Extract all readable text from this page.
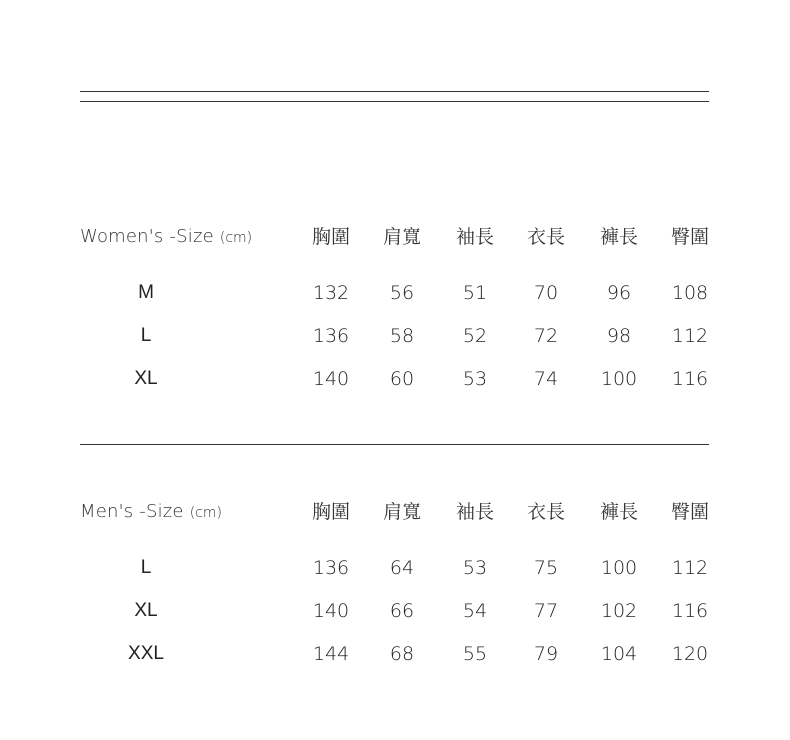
Women's -Size (cm)	胸圍	肩寬	袖長	衣長	褲長	臀圍
M	132	56	51	70	96	108
L	136	58	52	72	98	112
XL	140	60	53	74	100	116
Men's -Size (cm)	胸圍	肩寬	袖長	衣長	褲長	臀圍
L	136	64	53	75	100	112
XL	140	66	54	77	102	116
XXL	144	68	55	79	104	120
